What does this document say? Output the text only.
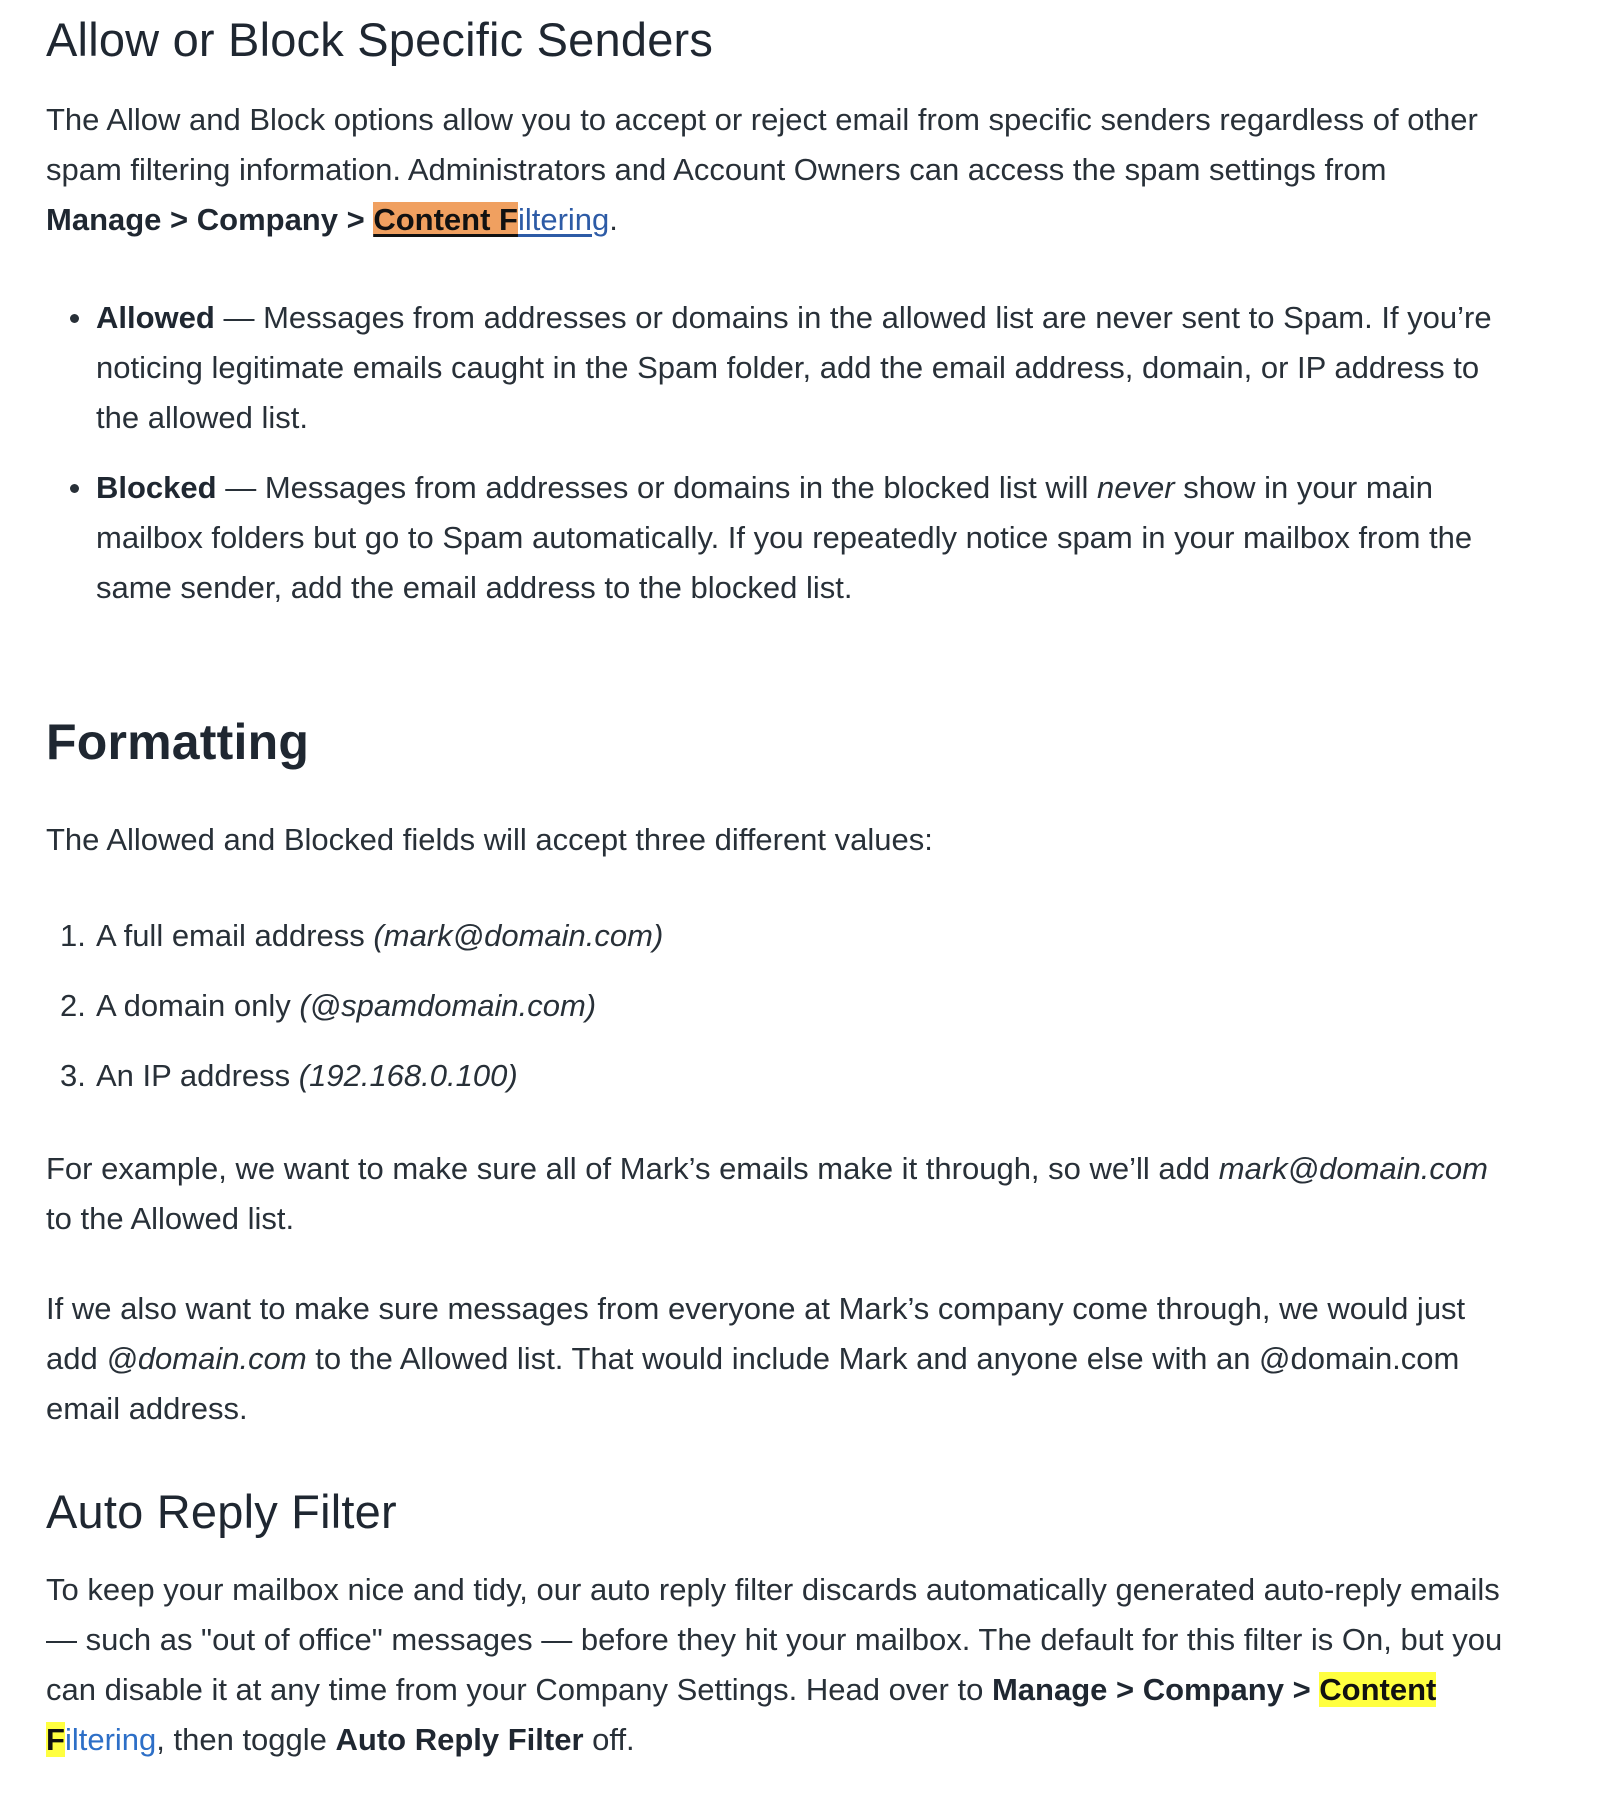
Allow or Block Specific Senders

The Allow and Block options allow you to accept or reject email from specific senders regardless of other spam filtering information. Administrators and Account Owners can access the spam settings from Manage > Company > Content Filtering.

Allowed — Messages from addresses or domains in the allowed list are never sent to Spam. If you’re noticing legitimate emails caught in the Spam folder, add the email address, domain, or IP address to the allowed list.
Blocked — Messages from addresses or domains in the blocked list will never show in your main mailbox folders but go to Spam automatically. If you repeatedly notice spam in your mailbox from the same sender, add the email address to the blocked list.
Formatting

The Allowed and Blocked fields will accept three different values:

1. A full email address (mark@domain.com)
2. A domain only (@spamdomain.com)
3. An IP address (192.168.0.100)

For example, we want to make sure all of Mark’s emails make it through, so we’ll add mark@domain.com to the Allowed list.

If we also want to make sure messages from everyone at Mark’s company come through, we would just add @domain.com to the Allowed list. That would include Mark and anyone else with an @domain.com email address.

Auto Reply Filter

To keep your mailbox nice and tidy, our auto reply filter discards automatically generated auto-reply emails — such as "out of office" messages — before they hit your mailbox. The default for this filter is On, but you can disable it at any time from your Company Settings. Head over to Manage > Company > Content Filtering, then toggle Auto Reply Filter off.
